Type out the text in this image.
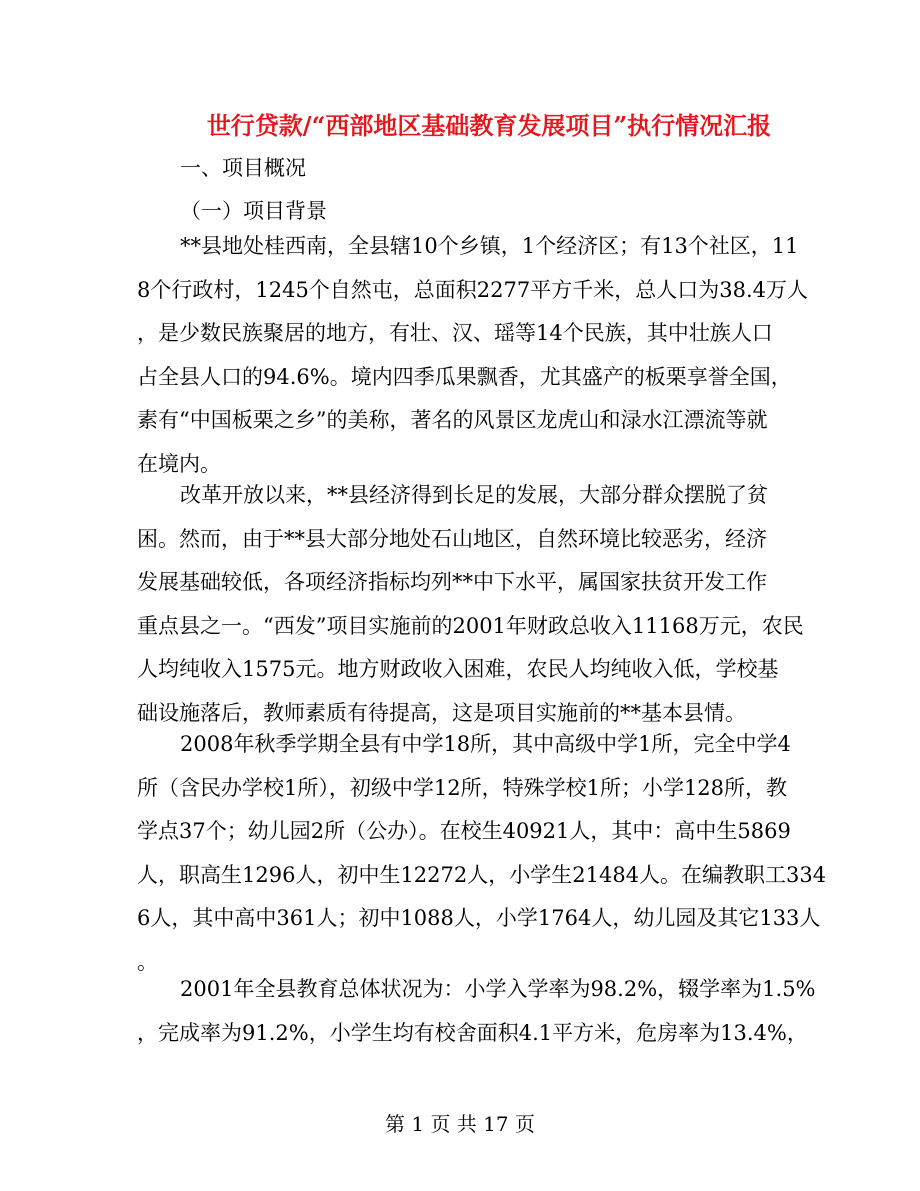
世行贷款/“西部地区基础教育发展项目”执行情况汇报
一、项目概况
（一）项目背景
**县地处桂西南，全县辖10个乡镇，1个经济区；有13个社区，11
8个行政村，1245个自然屯，总面积2277平方千米，总人口为38.4万人
，是少数民族聚居的地方，有壮、汉、瑶等14个民族，其中壮族人口
占全县人口的94.6%。境内四季瓜果飘香，尤其盛产的板栗享誉全国，
素有“中国板栗之乡”的美称，著名的风景区龙虎山和渌水江漂流等就
在境内。
改革开放以来，**县经济得到长足的发展，大部分群众摆脱了贫
困。然而，由于**县大部分地处石山地区，自然环境比较恶劣，经济
发展基础较低，各项经济指标均列**中下水平，属国家扶贫开发工作
重点县之一。“西发”项目实施前的2001年财政总收入11168万元，农民
人均纯收入1575元。地方财政收入困难，农民人均纯收入低，学校基
础设施落后，教师素质有待提高，这是项目实施前的**基本县情。
2008年秋季学期全县有中学18所，其中高级中学1所，完全中学4
所（含民办学校1所），初级中学12所，特殊学校1所；小学128所，教
学点37个；幼儿园2所（公办）。在校生40921人，其中：高中生5869
人，职高生1296人，初中生12272人，小学生21484人。在编教职工334
6人，其中高中361人；初中1088人，小学1764人，幼儿园及其它133人
。
2001年全县教育总体状况为：小学入学率为98.2%，辍学率为1.5%
，完成率为91.2%，小学生均有校舍面积4.1平方米，危房率为13.4%，
第 1 页 共 17 页
